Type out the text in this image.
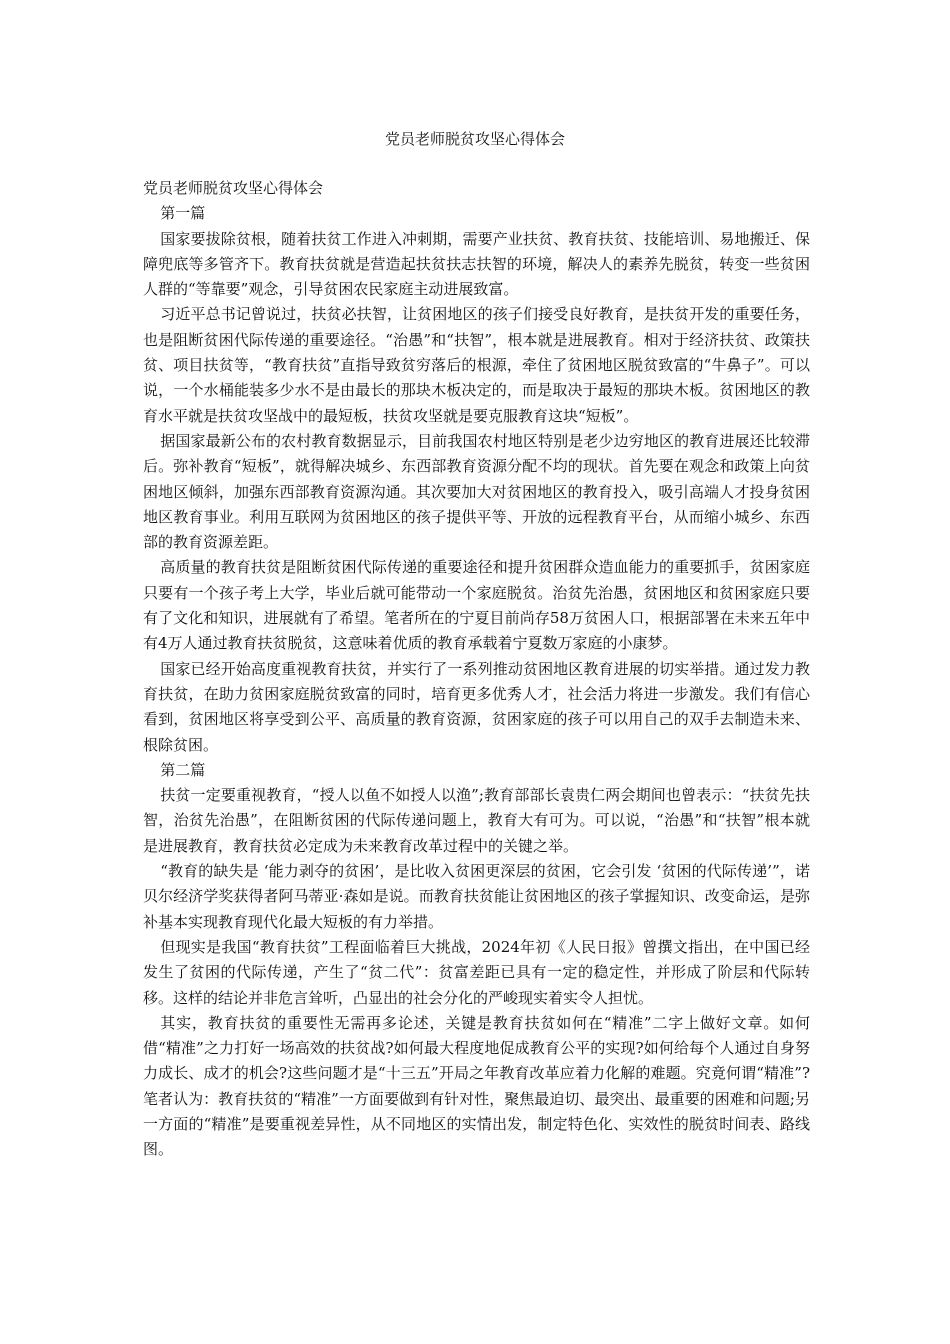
党员老师脱贫攻坚心得体会

党员老师脱贫攻坚心得体会

第一篇

国家要拔除贫根，随着扶贫工作进入冲刺期，需要产业扶贫、教育扶贫、技能培训、易地搬迁、保障兜底等多管齐下。教育扶贫就是营造起扶贫扶志扶智的环境，解决人的素养先脱贫，转变一些贫困人群的“等靠要”观念，引导贫困农民家庭主动进展致富。

习近平总书记曾说过，扶贫必扶智，让贫困地区的孩子们接受良好教育，是扶贫开发的重要任务，也是阻断贫困代际传递的重要途径。“治愚”和“扶智”，根本就是进展教育。相对于经济扶贫、政策扶贫、项目扶贫等，“教育扶贫”直指导致贫穷落后的根源，牵住了贫困地区脱贫致富的“牛鼻子”。可以说，一个水桶能装多少水不是由最长的那块木板决定的，而是取决于最短的那块木板。贫困地区的教育水平就是扶贫攻坚战中的最短板，扶贫攻坚就是要克服教育这块“短板”。

据国家最新公布的农村教育数据显示，目前我国农村地区特别是老少边穷地区的教育进展还比较滞后。弥补教育“短板”，就得解决城乡、东西部教育资源分配不均的现状。首先要在观念和政策上向贫困地区倾斜，加强东西部教育资源沟通。其次要加大对贫困地区的教育投入，吸引高端人才投身贫困地区教育事业。利用互联网为贫困地区的孩子提供平等、开放的远程教育平台，从而缩小城乡、东西部的教育资源差距。

高质量的教育扶贫是阻断贫困代际传递的重要途径和提升贫困群众造血能力的重要抓手，贫困家庭只要有一个孩子考上大学，毕业后就可能带动一个家庭脱贫。治贫先治愚，贫困地区和贫困家庭只要有了文化和知识，进展就有了希望。笔者所在的宁夏目前尚存58万贫困人口，根据部署在未来五年中有4万人通过教育扶贫脱贫，这意味着优质的教育承载着宁夏数万家庭的小康梦。

国家已经开始高度重视教育扶贫，并实行了一系列推动贫困地区教育进展的切实举措。通过发力教育扶贫，在助力贫困家庭脱贫致富的同时，培育更多优秀人才，社会活力将进一步激发。我们有信心看到，贫困地区将享受到公平、高质量的教育资源，贫困家庭的孩子可以用自己的双手去制造未来、根除贫困。

第二篇

扶贫一定要重视教育，“授人以鱼不如授人以渔”;教育部部长袁贵仁两会期间也曾表示：“扶贫先扶智，治贫先治愚”，在阻断贫困的代际传递问题上，教育大有可为。可以说，“治愚”和“扶智”根本就是进展教育，教育扶贫必定成为未来教育改革过程中的关键之举。

“教育的缺失是 ‘能力剥夺的贫困’，是比收入贫困更深层的贫困，它会引发 ‘贫困的代际传递’”，诺贝尔经济学奖获得者阿马蒂亚·森如是说。而教育扶贫能让贫困地区的孩子掌握知识、改变命运，是弥补基本实现教育现代化最大短板的有力举措。

但现实是我国“教育扶贫”工程面临着巨大挑战，2024年初《人民日报》曾撰文指出，在中国已经发生了贫困的代际传递，产生了“贫二代”：贫富差距已具有一定的稳定性，并形成了阶层和代际转移。这样的结论并非危言耸听，凸显出的社会分化的严峻现实着实令人担忧。

其实，教育扶贫的重要性无需再多论述，关键是教育扶贫如何在“精准”二字上做好文章。如何借“精准”之力打好一场高效的扶贫战?如何最大程度地促成教育公平的实现?如何给每个人通过自身努力成长、成才的机会?这些问题才是“十三五”开局之年教育改革应着力化解的难题。究竟何谓“精准”?笔者认为：教育扶贫的“精准”一方面要做到有针对性，聚焦最迫切、最突出、最重要的困难和问题;另一方面的“精准”是要重视差异性，从不同地区的实情出发，制定特色化、实效性的脱贫时间表、路线图。
